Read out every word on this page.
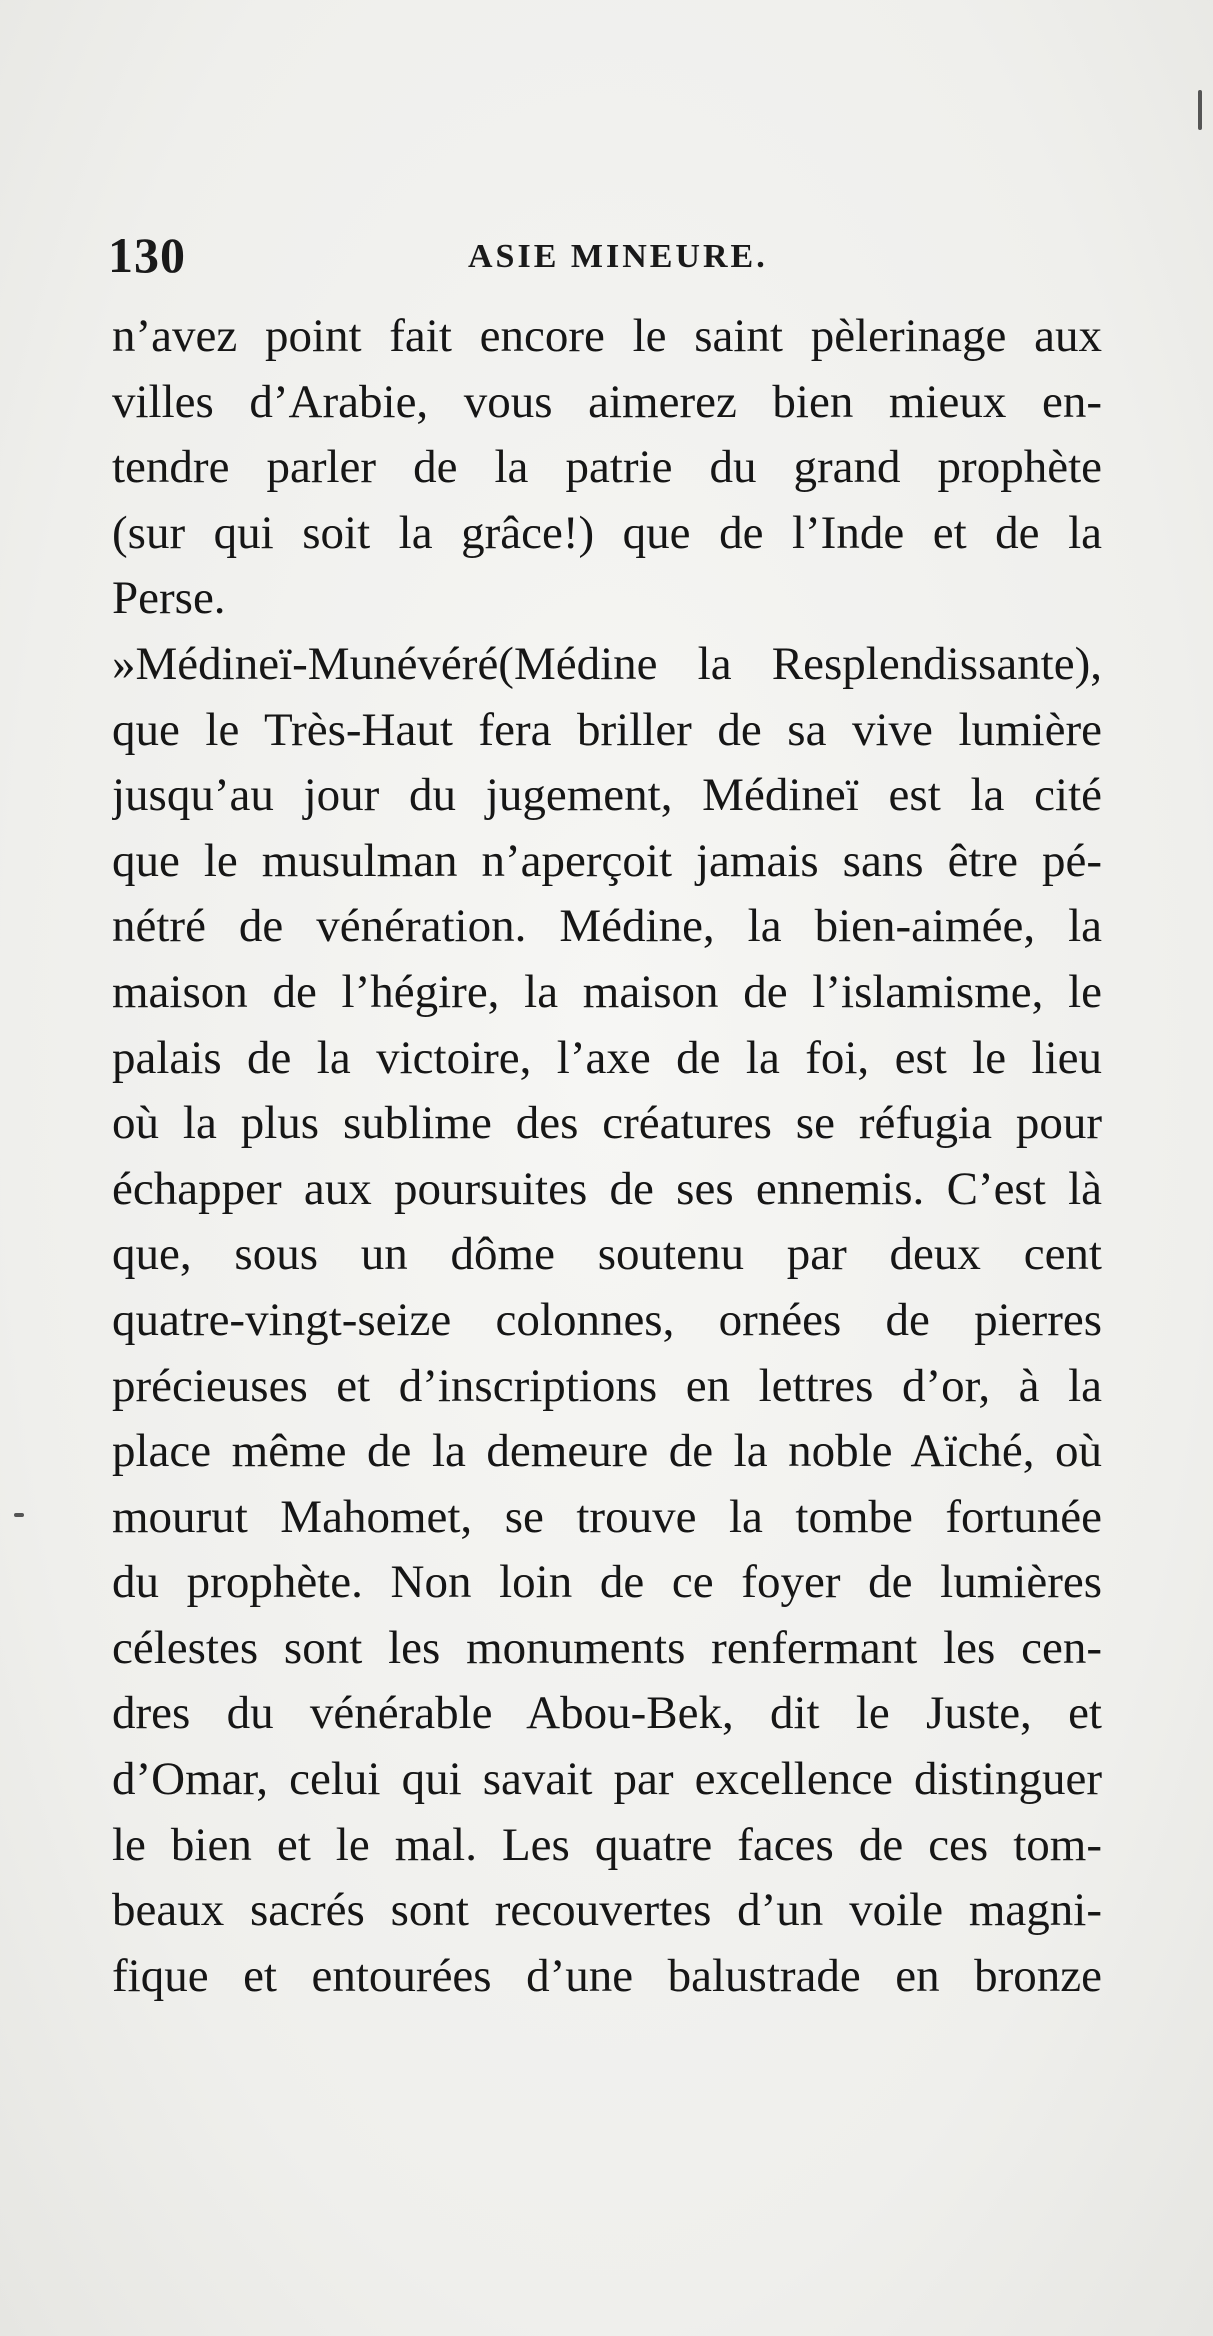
130	ASIE MINEURE.
n’avez point fait encore le saint pèlerinage aux
villes d’Arabie, vous aimerez bien mieux en-
tendre parler de la patrie du grand prophète
(sur qui soit la grâce!) que de l’Inde et de la
Perse.
»Médineï-Munévéré(Médine la Resplendissante),
que le Très-Haut fera briller de sa vive lumière
jusqu’au jour du jugement, Médineï est la cité
que le musulman n’aperçoit jamais sans être pé-
nétré de vénération. Médine, la bien-aimée, la
maison de l’hégire, la maison de l’islamisme, le
palais de la victoire, l’axe de la foi, est le lieu
où la plus sublime des créatures se réfugia pour
échapper aux poursuites de ses ennemis. C’est là
que, sous un dôme soutenu par deux cent
quatre-vingt-seize colonnes, ornées de pierres
précieuses et d’inscriptions en lettres d’or, à la
place même de la demeure de la noble Aïché, où
mourut Mahomet, se trouve la tombe fortunée
du prophète. Non loin de ce foyer de lumières
célestes sont les monuments renfermant les cen-
dres du vénérable Abou-Bek, dit le Juste, et
d’Omar, celui qui savait par excellence distinguer
le bien et le mal. Les quatre faces de ces tom-
beaux sacrés sont recouvertes d’un voile magni-
fique et entourées d’une balustrade en bronze
